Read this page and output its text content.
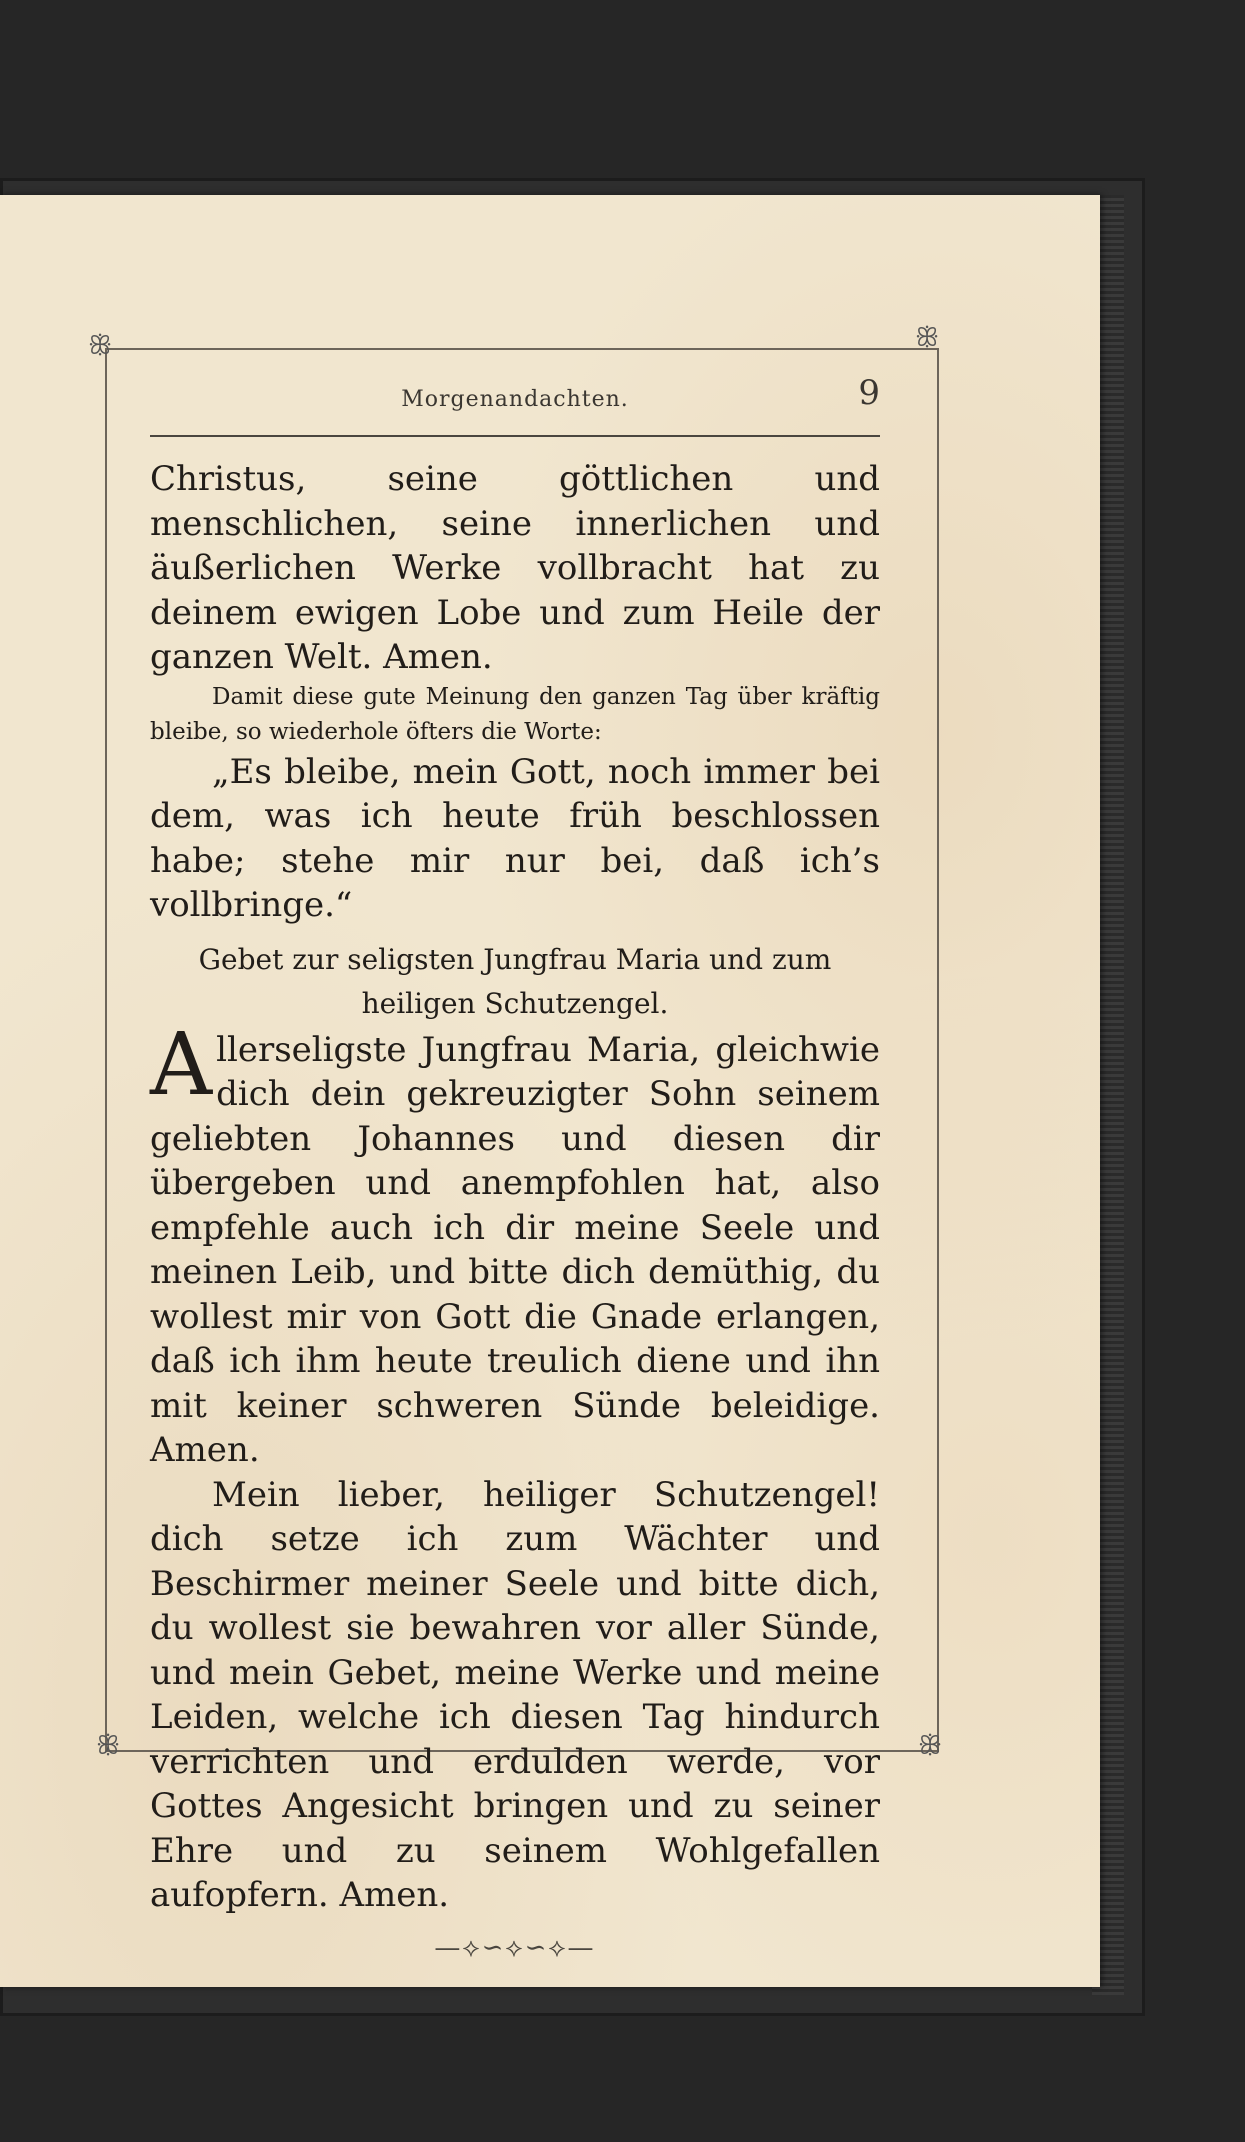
ꕥ	ꕥ
ꕥ	ꕥ
Morgenandachten.	9

Christus, seine göttlichen und menschlichen, seine innerlichen und äußerlichen Werke vollbracht hat zu deinem ewigen Lobe und zum Heile der ganzen Welt. Amen.

Damit diese gute Meinung den ganzen Tag über kräftig bleibe, so wiederhole öfters die Worte:

„Es bleibe, mein Gott, noch immer bei dem, was ich heute früh beschlossen habe; stehe mir nur bei, daß ich’s vollbringe.“

Gebet zur seligsten Jungfrau Maria und zum
heiligen Schutzengel.

Allerseligste Jungfrau Maria, gleichwie dich dein gekreuzigter Sohn seinem geliebten Johannes und diesen dir übergeben und anempfohlen hat, also empfehle auch ich dir meine Seele und meinen Leib, und bitte dich demüthig, du wollest mir von Gott die Gnade erlangen, daß ich ihm heute treulich diene und ihn mit keiner schweren Sünde beleidige. Amen.

Mein lieber, heiliger Schutzengel! dich setze ich zum Wächter und Beschirmer meiner Seele und bitte dich, du wollest sie bewahren vor aller Sünde, und mein Gebet, meine Werke und meine Leiden, welche ich diesen Tag hindurch verrichten und erdulden werde, vor Gottes Angesicht bringen und zu seiner Ehre und zu seinem Wohlgefallen aufopfern. Amen.

—⟡∽⟡∽⟡—
